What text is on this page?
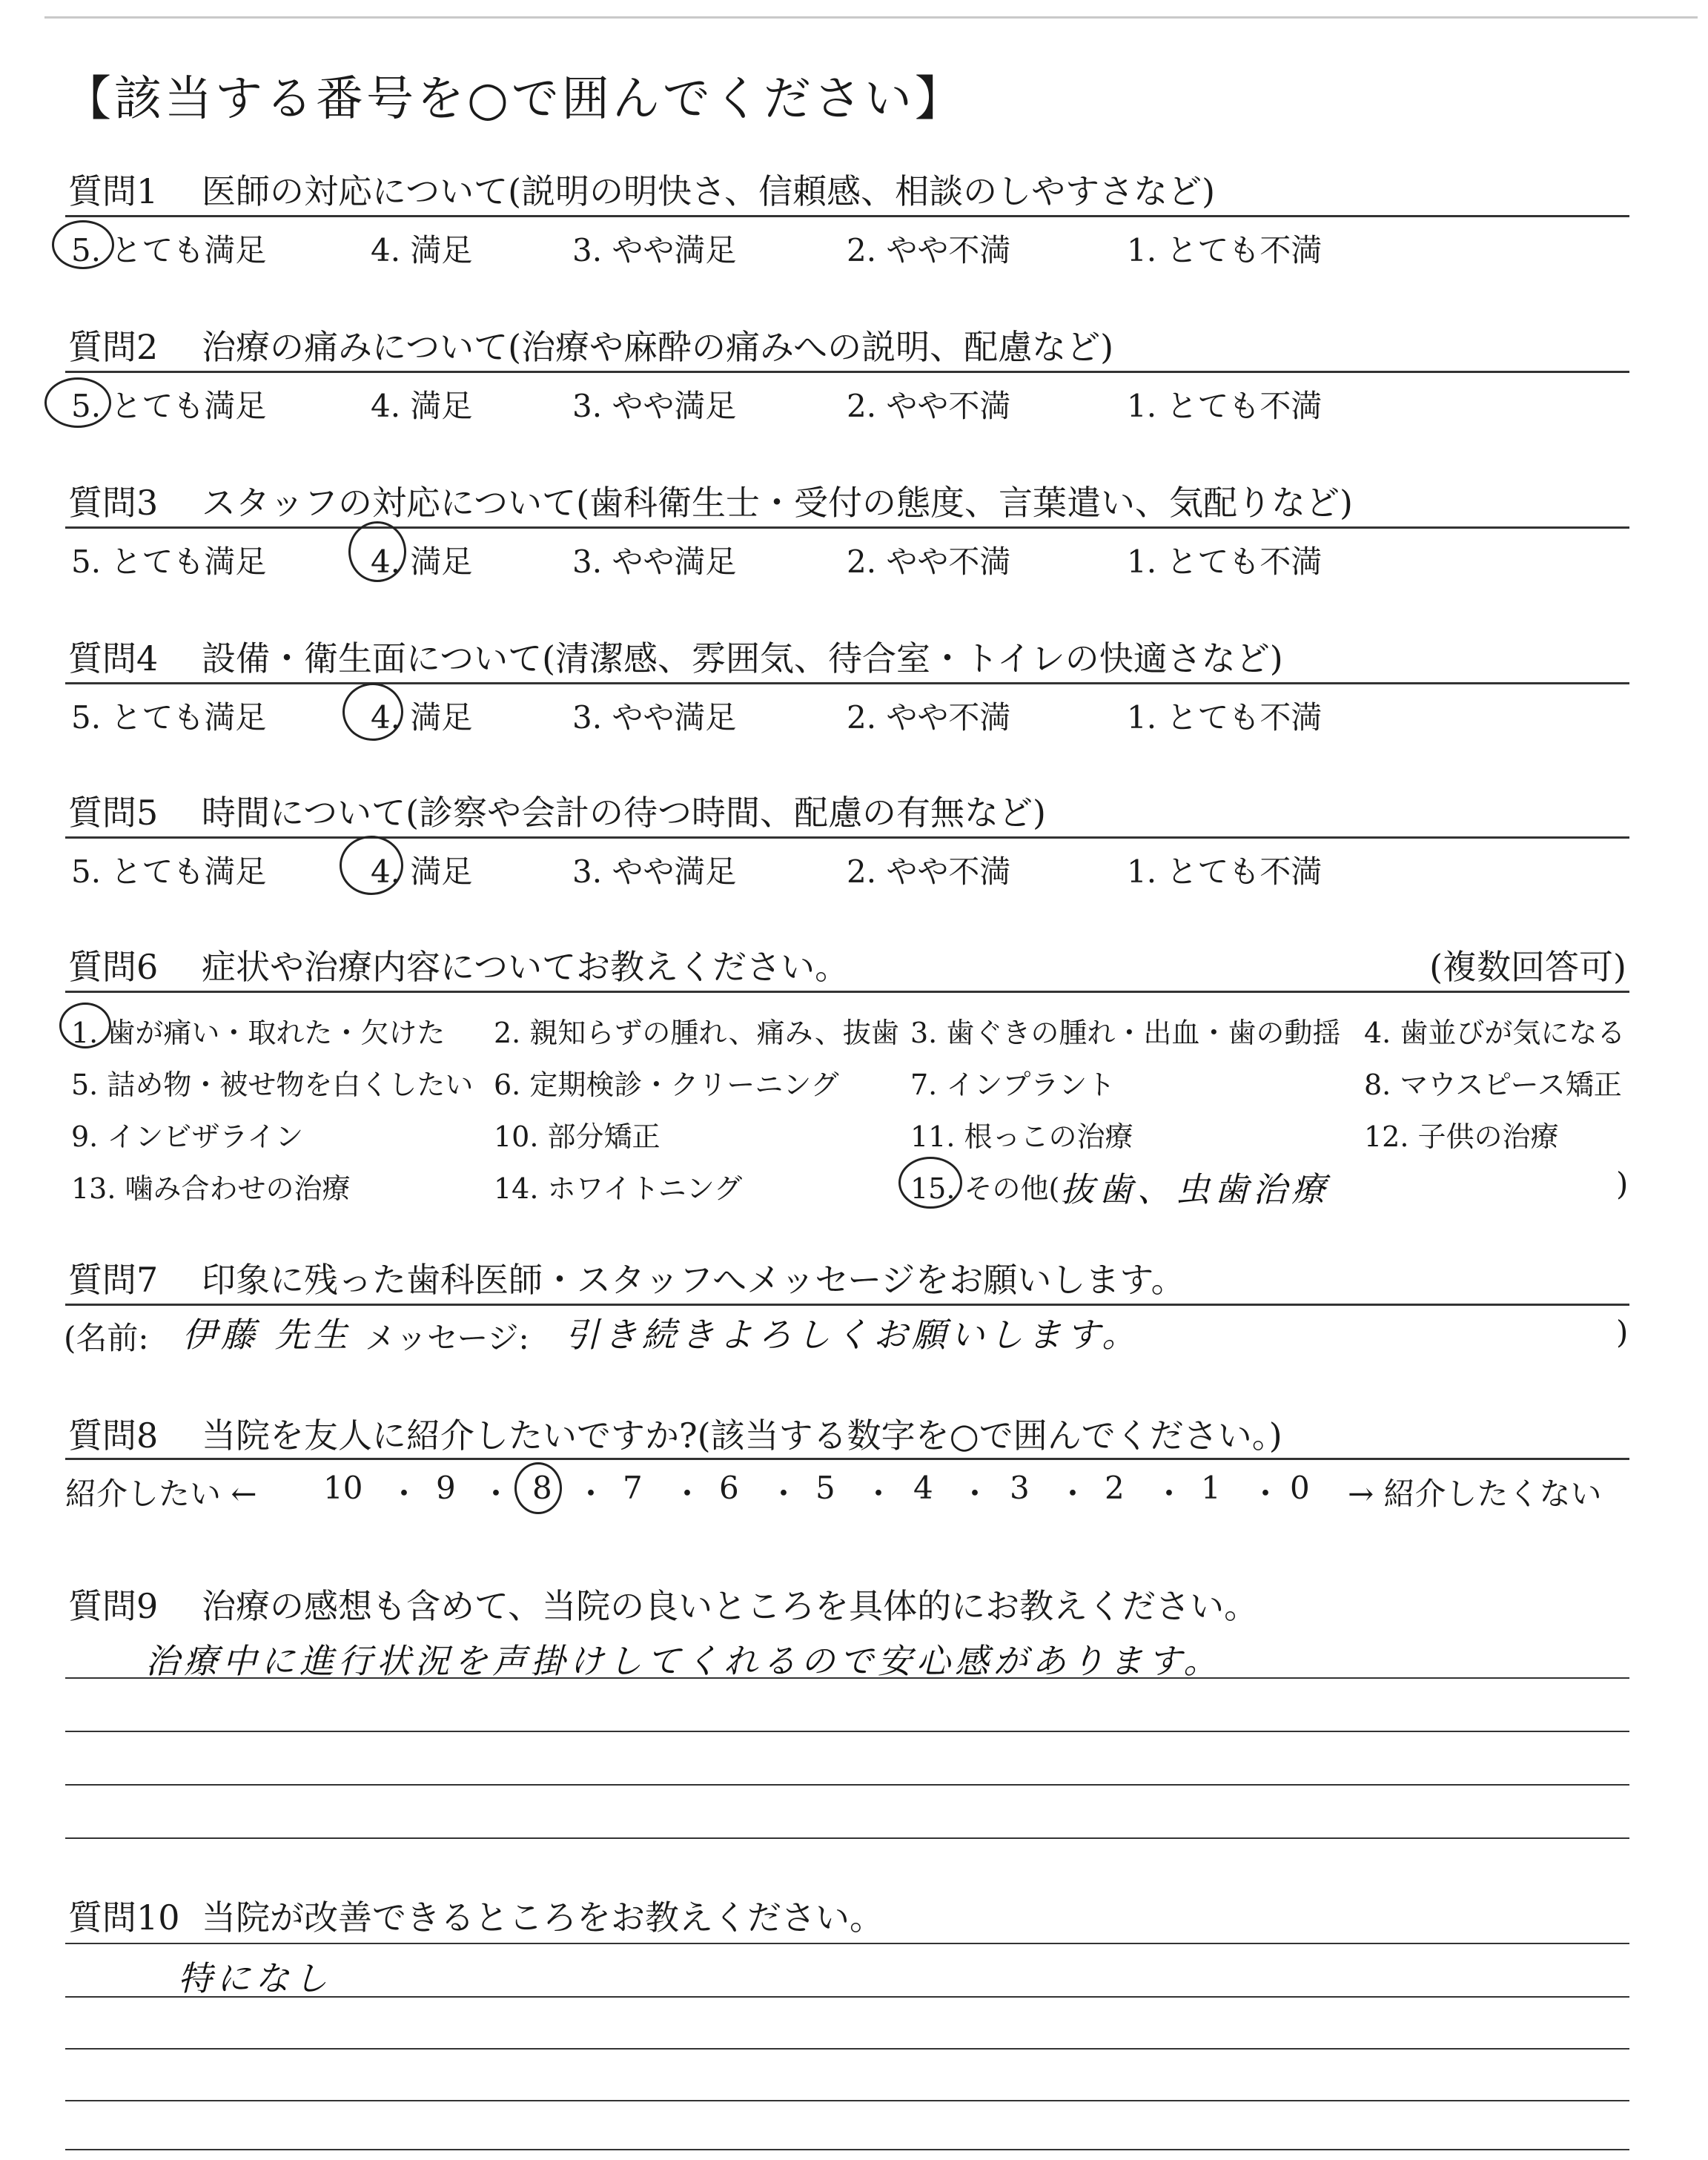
【該当する番号を○で囲んでください】
質問1 医師の対応について(説明の明快さ、信頼感、相談のしやすさなど)
5. とても満足	4. 満足	3. やや満足	2. やや不満	1. とても不満
質問2 治療の痛みについて(治療や麻酔の痛みへの説明、配慮など)
5. とても満足	4. 満足	3. やや満足	2. やや不満	1. とても不満
質問3 スタッフの対応について(歯科衛生士・受付の態度、言葉遣い、気配りなど)
5. とても満足	4. 満足	3. やや満足	2. やや不満	1. とても不満
質問4 設備・衛生面について(清潔感、雰囲気、待合室・トイレの快適さなど)
5. とても満足	4. 満足	3. やや満足	2. やや不満	1. とても不満
質問5 時間について(診察や会計の待つ時間、配慮の有無など)
5. とても満足	4. 満足	3. やや満足	2. やや不満	1. とても不満
質問6 症状や治療内容についてお教えください。	(複数回答可)
1. 歯が痛い・取れた・欠けた 2. 親知らずの腫れ、痛み、抜歯 3. 歯ぐきの腫れ・出血・歯の動揺 4. 歯並びが気になる
5. 詰め物・被せ物を白くしたい 6. 定期検診・クリーニング	7. インプラント	8. マウスピース矯正
9. インビザライン	10. 部分矯正	11. 根っこの治療	12. 子供の治療
13. 噛み合わせの治療	14. ホワイトニング	15. その他( 抜歯、虫歯治療	)
質問7 印象に残った歯科医師・スタッフへメッセージをお願いします。
(名前: 伊藤 先生 メッセージ: 引き続きよろしくお願いします。	)
質問8 当院を友人に紹介したいですか?(該当する数字を○で囲んでください。)
紹介したい ← 10 ・ 9 ・ 8 ・ 7 ・ 6 ・ 5 ・ 4 ・ 3 ・ 2 ・ 1 ・ 0 → 紹介したくない
質問9 治療の感想も含めて、当院の良いところを具体的にお教えください。
治療中に進行状況を声掛けしてくれるので安心感があります。
質問10 当院が改善できるところをお教えください。
特になし
